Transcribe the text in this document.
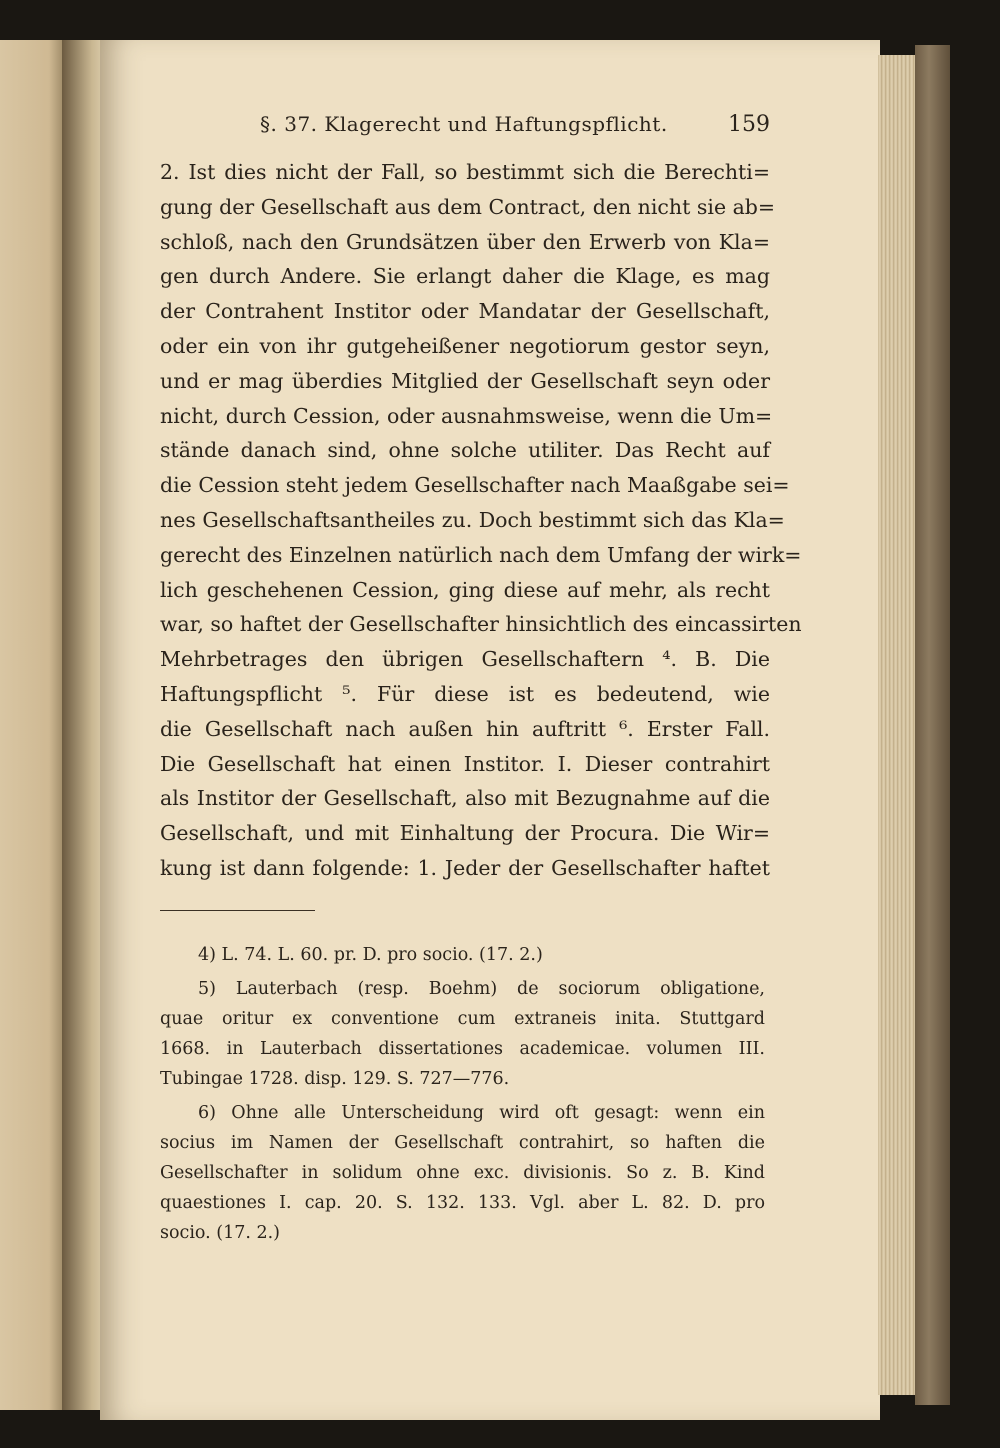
§. 37. Klagerecht und Haftungspflicht.	159
2. Ist dies nicht der Fall, so bestimmt sich die Berechti=
gung der Gesellschaft aus dem Contract, den nicht sie ab=
schloß, nach den Grundsätzen über den Erwerb von Kla=
gen durch Andere. Sie erlangt daher die Klage, es mag
der Contrahent Institor oder Mandatar der Gesellschaft,
oder ein von ihr gutgeheißener negotiorum gestor seyn,
und er mag überdies Mitglied der Gesellschaft seyn oder
nicht, durch Cession, oder ausnahmsweise, wenn die Um=
stände danach sind, ohne solche utiliter. Das Recht auf
die Cession steht jedem Gesellschafter nach Maaßgabe sei=
nes Gesellschaftsantheiles zu. Doch bestimmt sich das Kla=
gerecht des Einzelnen natürlich nach dem Umfang der wirk=
lich geschehenen Cession, ging diese auf mehr, als recht
war, so haftet der Gesellschafter hinsichtlich des eincassirten
Mehrbetrages den übrigen Gesellschaftern ⁴. B. Die
Haftungspflicht ⁵. Für diese ist es bedeutend, wie
die Gesellschaft nach außen hin auftritt ⁶. Erster Fall.
Die Gesellschaft hat einen Institor. I. Dieser contrahirt
als Institor der Gesellschaft, also mit Bezugnahme auf die
Gesellschaft, und mit Einhaltung der Procura. Die Wir=
kung ist dann folgende: 1. Jeder der Gesellschafter haftet
4) L. 74. L. 60. pr. D. pro socio. (17. 2.)
5) Lauterbach (resp. Boehm) de sociorum obligatione,
quae oritur ex conventione cum extraneis inita. Stuttgard
1668. in Lauterbach dissertationes academicae. volumen III.
Tubingae 1728. disp. 129. S. 727—776.
6) Ohne alle Unterscheidung wird oft gesagt: wenn ein
socius im Namen der Gesellschaft contrahirt, so haften die
Gesellschafter in solidum ohne exc. divisionis. So z. B. Kind
quaestiones I. cap. 20. S. 132. 133. Vgl. aber L. 82. D. pro
socio. (17. 2.)
